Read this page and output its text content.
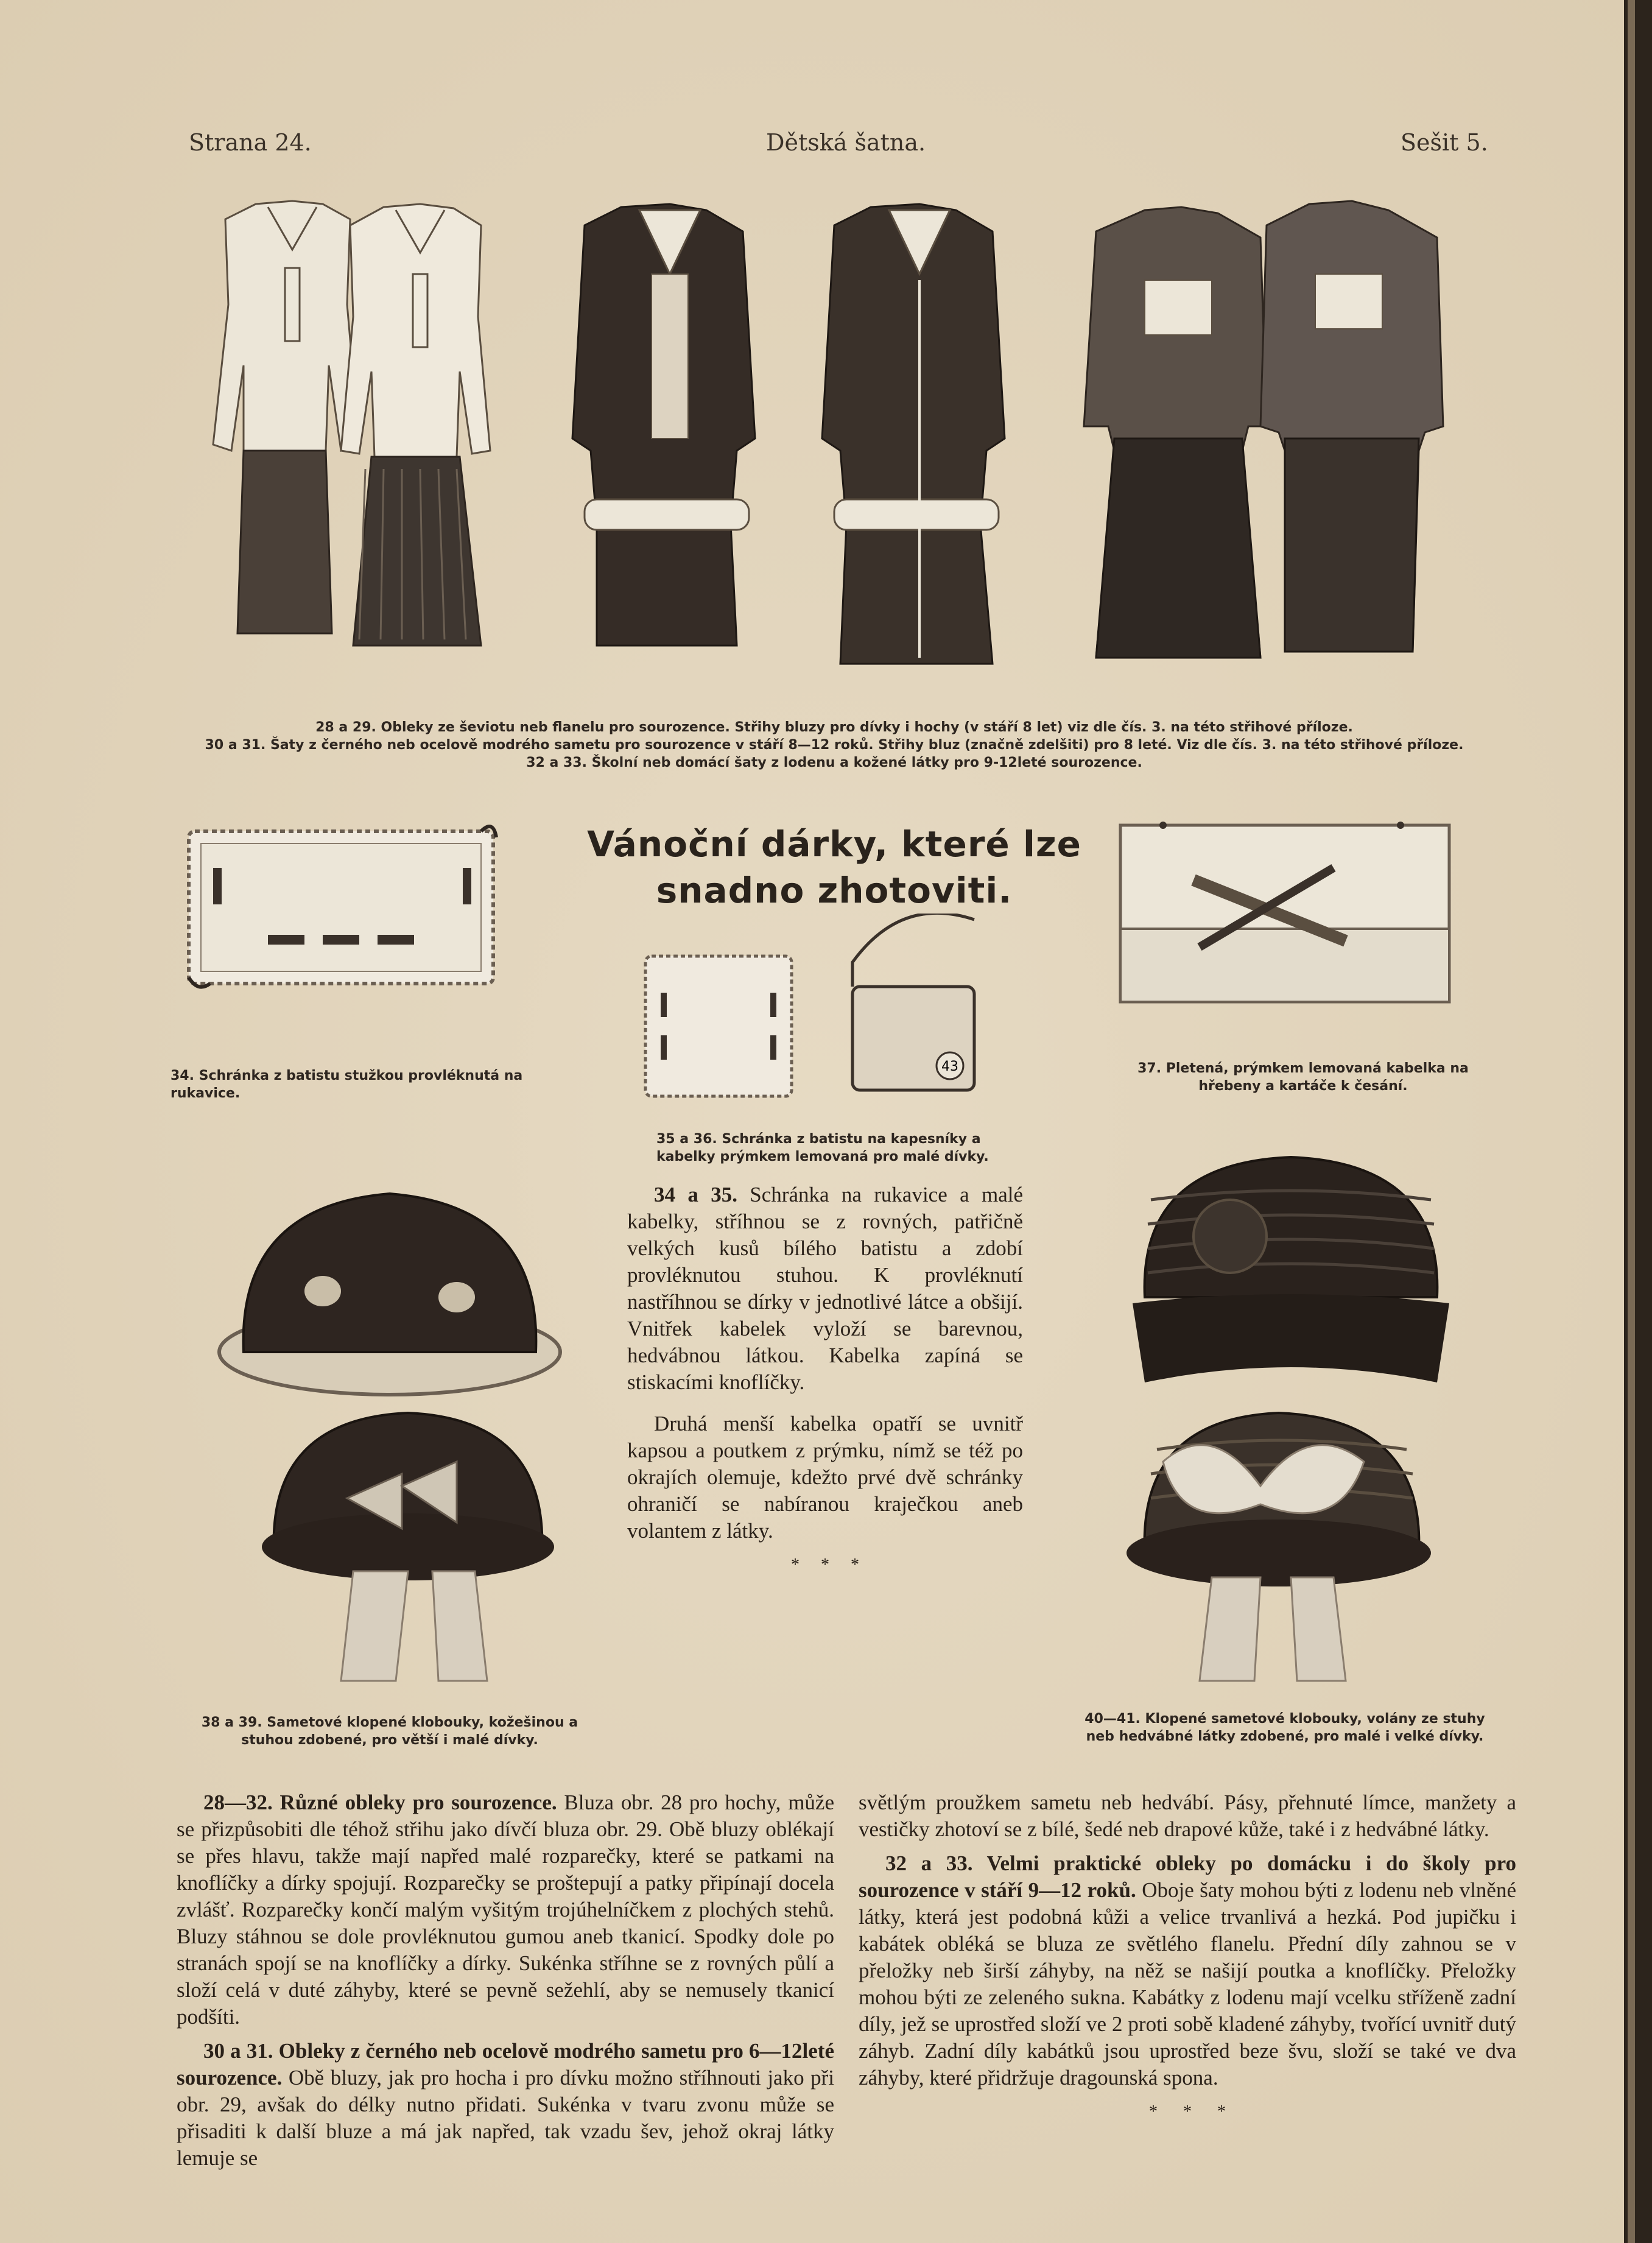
Strana 24.	Dětská šatna.	Sešit 5.
28 a 29. Obleky ze ševiotu neb flanelu pro sourozence. Střihy bluzy pro dívky i hochy (v stáří 8 let) viz dle čís. 3. na této střihové příloze.
30 a 31. Šaty z černého neb ocelově modrého sametu pro sourozence v stáří 8—12 roků. Střihy bluz (značně zdelšiti) pro 8 leté. Viz dle čís. 3. na této střihové příloze.
32 a 33. Školní neb domácí šaty z lodenu a kožené látky pro 9-12leté sourozence.
34. Schránka z batistu stužkou provléknutá na rukavice.
Vánoční dárky, které lze
snadno zhotoviti.
43
35 a 36. Schránka z batistu na kapesníky a kabelky prýmkem lemovaná pro malé dívky.
37. Pletená, prýmkem lemovaná kabelka na hřebeny a kartáče k česání.
38 a 39. Sametové klopené klobouky, kožešinou a stuhou zdobené, pro větší i malé dívky.

34 a 35. Schránka na rukavice a malé kabelky, stříhnou se z rovných, patřičně velkých kusů bílého batistu a zdobí provléknutou stuhou. K provléknutí nastříhnou se dírky v jednotlivé látce a obšijí. Vnitřek kabelek vyloží se barevnou, hedvábnou látkou. Kabelka zapíná se stiskacími knoflíčky.

Druhá menší kabelka opatří se uvnitř kapsou a poutkem z prýmku, nímž se též po okrajích olemuje, kdežto prvé dvě schránky ohraničí se nabíranou kraječkou aneb volantem z látky.

*     *     *
40—41. Klopené sametové klobouky, volány ze stuhy neb hedvábné látky zdobené, pro malé i velké dívky.

28—32. Různé obleky pro sourozence. Bluza obr. 28 pro hochy, může se přizpůsobiti dle téhož střihu jako dívčí bluza obr. 29. Obě bluzy oblékají se přes hlavu, takže mají napřed malé rozparečky, které se patkami na knoflíčky a dírky spojují. Rozparečky se proštepují a patky připínají docela zvlášť. Rozparečky končí malým vyšitým trojúhelníčkem z plochých stehů. Bluzy stáhnou se dole provléknutou gumou aneb tkanicí. Spodky dole po stranách spojí se na knoflíčky a dírky. Sukénka stříhne se z rovných půlí a složí celá v duté záhyby, které se pevně sežehlí, aby se nemusely tkanicí podšíti.

30 a 31. Obleky z černého neb ocelově modrého sametu pro 6—12leté sourozence. Obě bluzy, jak pro hocha i pro dívku možno stříhnouti jako při obr. 29, avšak do délky nutno přidati. Sukénka v tvaru zvonu může se přisaditi k další bluze a má jak napřed, tak vzadu šev, jehož okraj látky lemuje se

světlým proužkem sametu neb hedvábí. Pásy, přehnuté límce, manžety a vestičky zhotoví se z bílé, šedé neb drapové kůže, také i z hedvábné látky.

32 a 33. Velmi praktické obleky po domácku i do školy pro sourozence v stáří 9—12 roků. Oboje šaty mohou býti z lodenu neb vlněné látky, která jest podobná kůži a velice trvanlivá a hezká. Pod jupičku i kabátek obléká se bluza ze světlého flanelu. Přední díly zahnou se v přeložky neb širší záhyby, na něž se našijí poutka a knoflíčky. Přeložky mohou býti ze zeleného sukna. Kabátky z lodenu mají vcelku stříženě zadní díly, jež se uprostřed složí ve 2 proti sobě kladené záhyby, tvořící uvnitř dutý záhyb. Zadní díly kabátků jsou uprostřed beze švu, složí se také ve dva záhyby, které přidržuje dragounská spona.

*      *      *
